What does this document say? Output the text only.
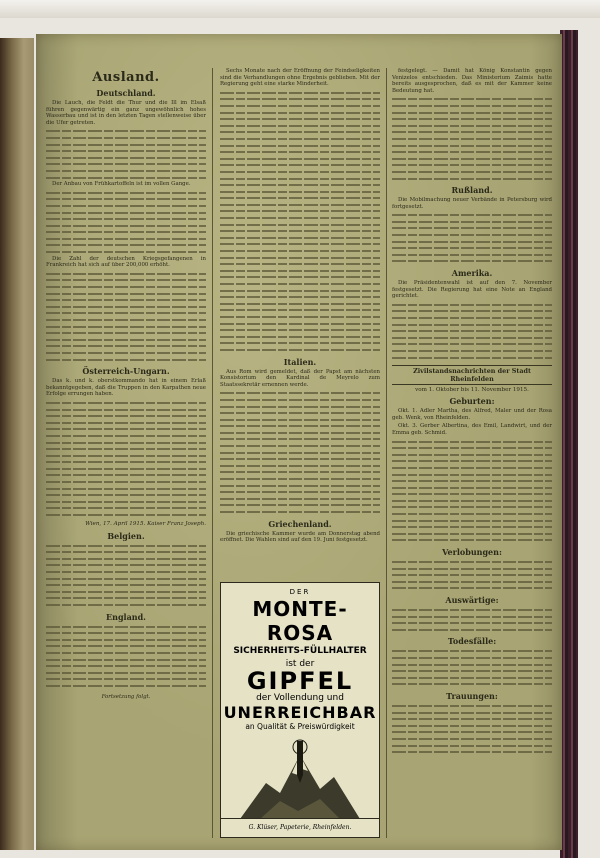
Ausland.
Deutschland.

Die Lauch, die Feldt die Thur und die Ill im Elsaß führen gegenwärtig ein ganz ungewöhnlich hohes Wasserbau und ist in den letzten Tagen stellenweise über die Ufer getreten.

Der Anbau von Frühkartoffeln ist im vollen Gange.

Die Zahl der deutschen Kriegsgefangenen in Frankreich hat sich auf über 200,000 erhöht.

Österreich-Ungarn.

Das k. und k. oberstkommando hat in einem Erlaß bekanntgegeben, daß die Truppen in den Karpathen neue Erfolge errungen haben.

Wien, 17. April 1915. Kaiser Franz Joseph.
Belgien.
England.
Fortsetzung folgt.

Sechs Monate nach der Eröffnung der Feindseligkeiten sind die Verhandlungen ohne Ergebnis geblieben. Mit der Regierung geht eine starke Minderheit.

Italien.

Aus Rom wird gemeldet, daß der Papst am nächsten Konsistorium den Kardinal de Meyrelo zum Staatssekretär ernennen werde.

Griechenland.

Die griechische Kammer wurde am Donnerstag abend eröffnet. Die Wahlen sind auf den 19. Juni festgesetzt.

DER
MONTE-ROSA
SICHERHEITS-FÜLLHALTER
ist der
GIPFEL
der Vollendung und
UNERREICHBAR
an Qualität & Preiswürdigkeit
G. Klüser, Papeterie, Rheinfelden.

festgelegt. — Damit hat König Konstantin gegen Venizelos entschieden. Das Ministerium Zaimis hatte bereits ausgesprochen, daß es mit der Kammer keine Bedeutung hat.

Rußland.

Die Mobilmachung neuer Verbände in Petersburg wird fortgesetzt.

Amerika.

Die Präsidentenwahl ist auf den 7. November festgesetzt. Die Regierung hat eine Note an England gerichtet.

Zivilstandsnachrichten der Stadt Rheinfelden
vom 1. Oktober bis 11. November 1915.
Geburten:

Okt. 1. Adler Martha, des Alfred, Maler und der Rosa geb. Wenk, von Rheinfelden.

Okt. 3. Gerber Albertina, des Emil, Landwirt, und der Emma geb. Schmid.

Verlobungen:
Auswärtige:
Todesfälle:
Trauungen:
